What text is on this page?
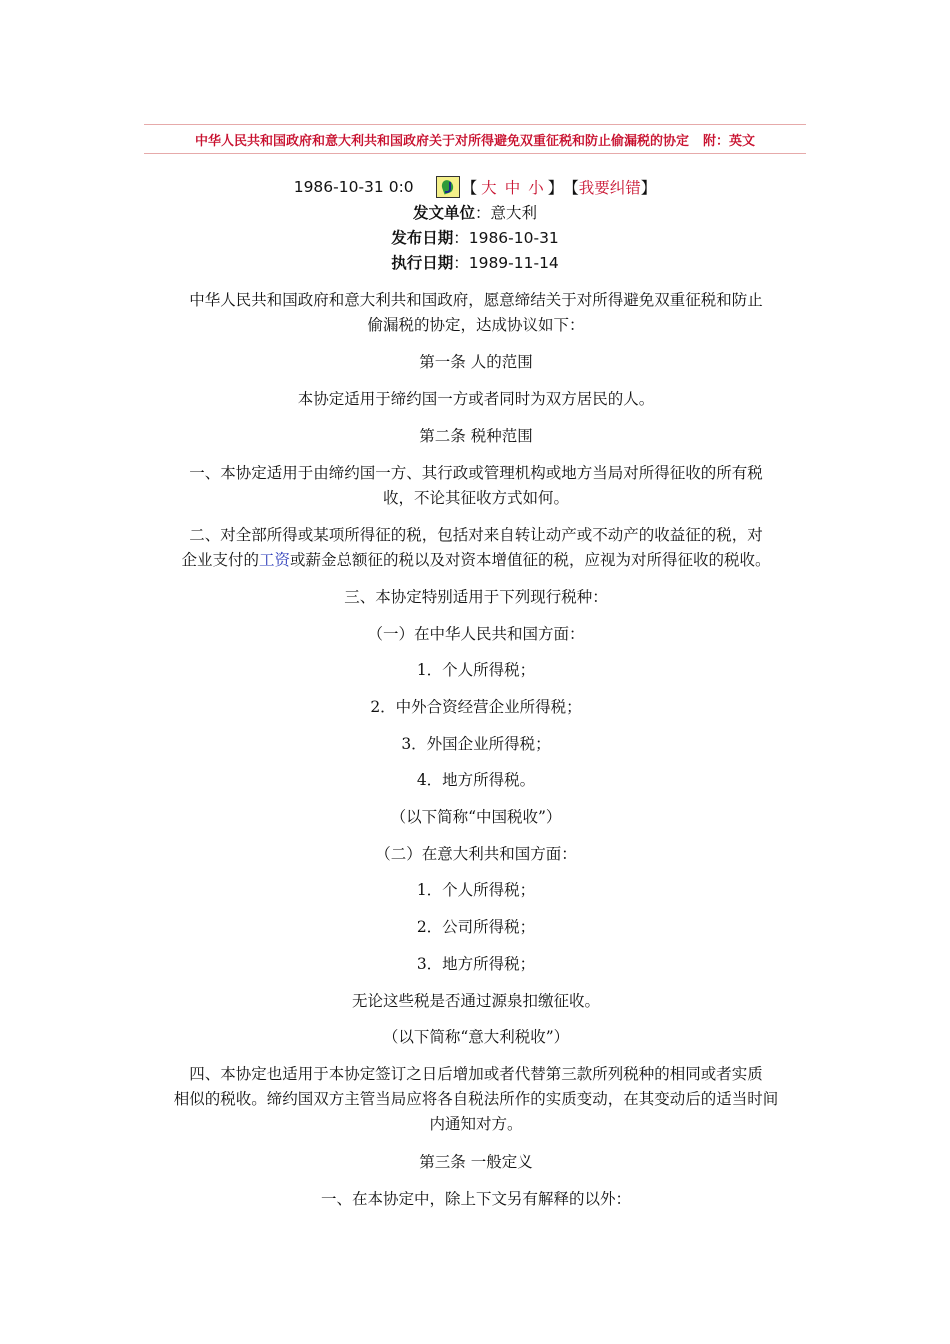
中华人民共和国政府和意大利共和国政府关于对所得避免双重征税和防止偷漏税的协定 附：英文
1986-10-31 0:0	【 大 中 小 】 【 我要纠错 】
发文单位：意大利
发布日期：1986-10-31
执行日期：1989-11-14
中华人民共和国政府和意大利共和国政府，愿意缔结关于对所得避免双重征税和防止
偷漏税的协定，达成协议如下：
第一条 人的范围
本协定适用于缔约国一方或者同时为双方居民的人。
第二条 税种范围
一、本协定适用于由缔约国一方、其行政或管理机构或地方当局对所得征收的所有税
收，不论其征收方式如何。
二、对全部所得或某项所得征的税，包括对来自转让动产或不动产的收益征的税，对
企业支付的工资或薪金总额征的税以及对资本增值征的税，应视为对所得征收的税收。
三、本协定特别适用于下列现行税种：
（一）在中华人民共和国方面：
1．个人所得税；
2．中外合资经营企业所得税；
3．外国企业所得税；
4．地方所得税。
（以下简称“中国税收”）
（二）在意大利共和国方面：
1．个人所得税；
2．公司所得税；
3．地方所得税；
无论这些税是否通过源泉扣缴征收。
（以下简称“意大利税收”）
四、本协定也适用于本协定签订之日后增加或者代替第三款所列税种的相同或者实质
相似的税收。缔约国双方主管当局应将各自税法所作的实质变动，在其变动后的适当时间
内通知对方。
第三条 一般定义
一、在本协定中，除上下文另有解释的以外：
